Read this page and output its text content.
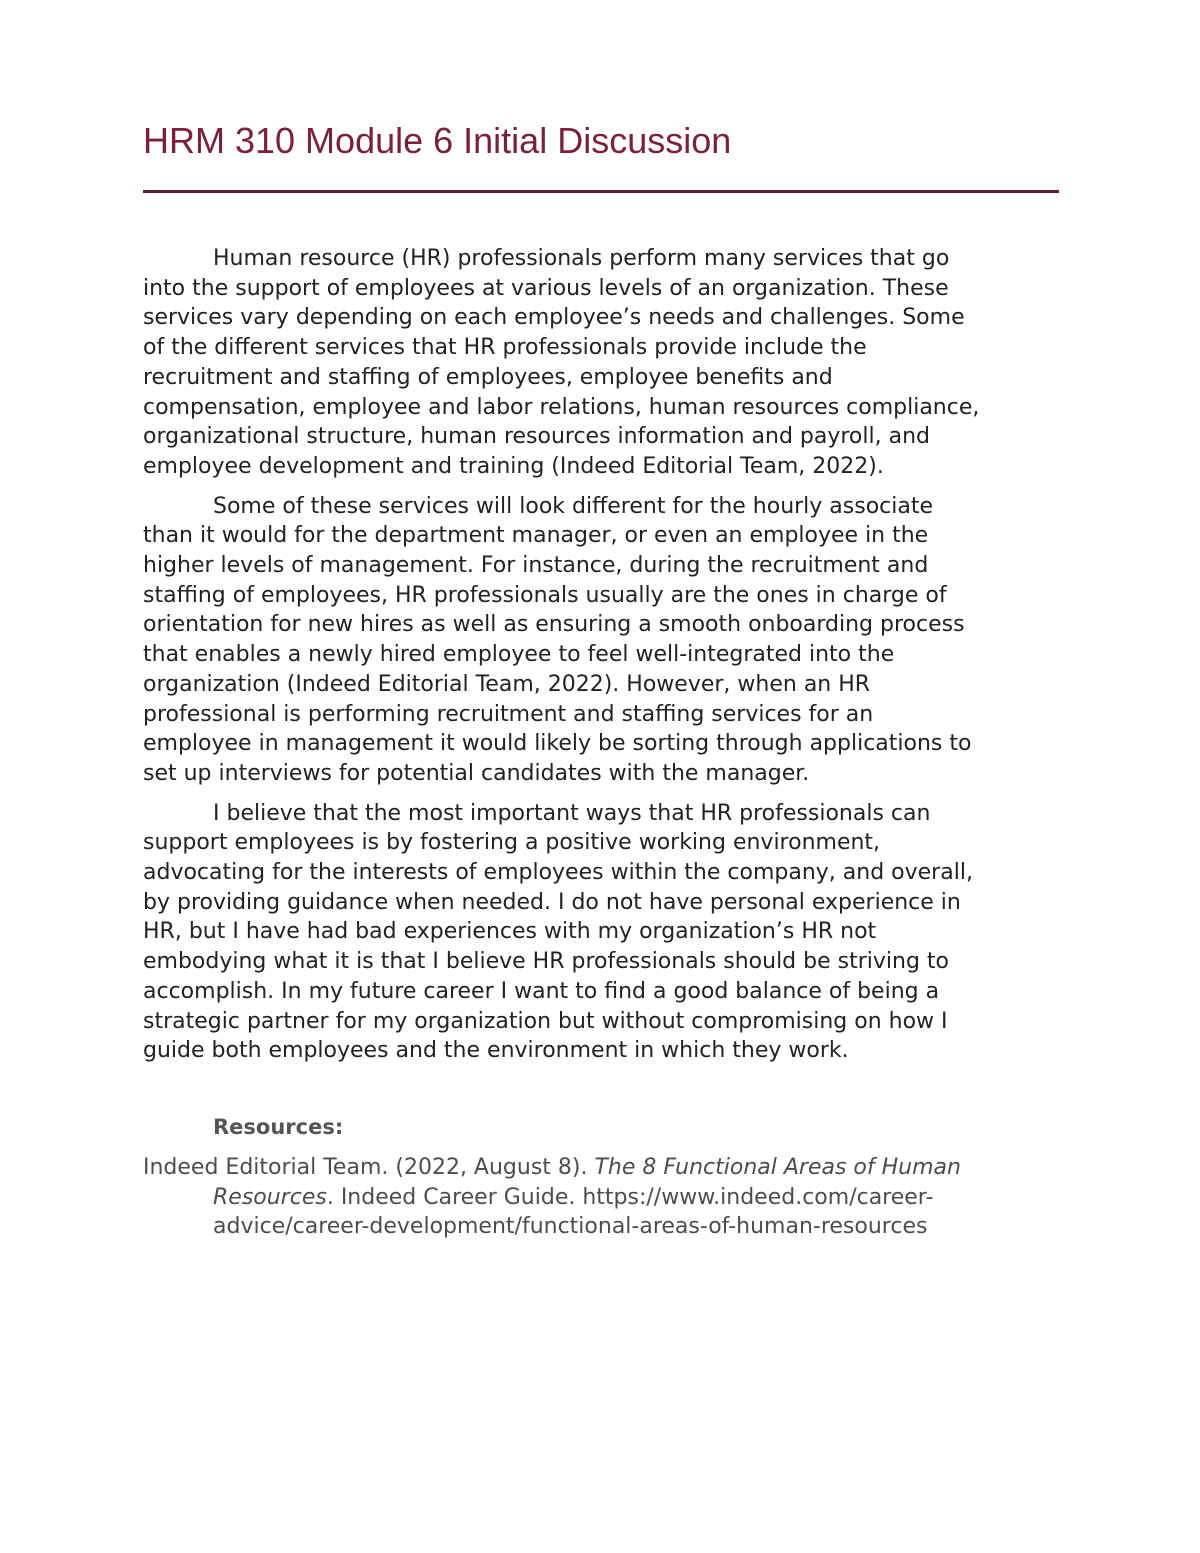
HRM 310 Module 6 Initial Discussion

Human resource (HR) professionals perform many services that go
into the support of employees at various levels of an organization. These
services vary depending on each employee’s needs and challenges. Some
of the different services that HR professionals provide include the
recruitment and staffing of employees, employee benefits and
compensation, employee and labor relations, human resources compliance,
organizational structure, human resources information and payroll, and
employee development and training (Indeed Editorial Team, 2022).

Some of these services will look different for the hourly associate
than it would for the department manager, or even an employee in the
higher levels of management. For instance, during the recruitment and
staffing of employees, HR professionals usually are the ones in charge of
orientation for new hires as well as ensuring a smooth onboarding process
that enables a newly hired employee to feel well-integrated into the
organization (Indeed Editorial Team, 2022). However, when an HR
professional is performing recruitment and staffing services for an
employee in management it would likely be sorting through applications to
set up interviews for potential candidates with the manager.

I believe that the most important ways that HR professionals can
support employees is by fostering a positive working environment,
advocating for the interests of employees within the company, and overall,
by providing guidance when needed. I do not have personal experience in
HR, but I have had bad experiences with my organization’s HR not
embodying what it is that I believe HR professionals should be striving to
accomplish. In my future career I want to find a good balance of being a
strategic partner for my organization but without compromising on how I
guide both employees and the environment in which they work.

Resources:

Indeed Editorial Team. (2022, August 8). The 8 Functional Areas of Human Resources. Indeed Career Guide. https://www.indeed.com/career-advice/career-development/functional-areas-of-human-resources
